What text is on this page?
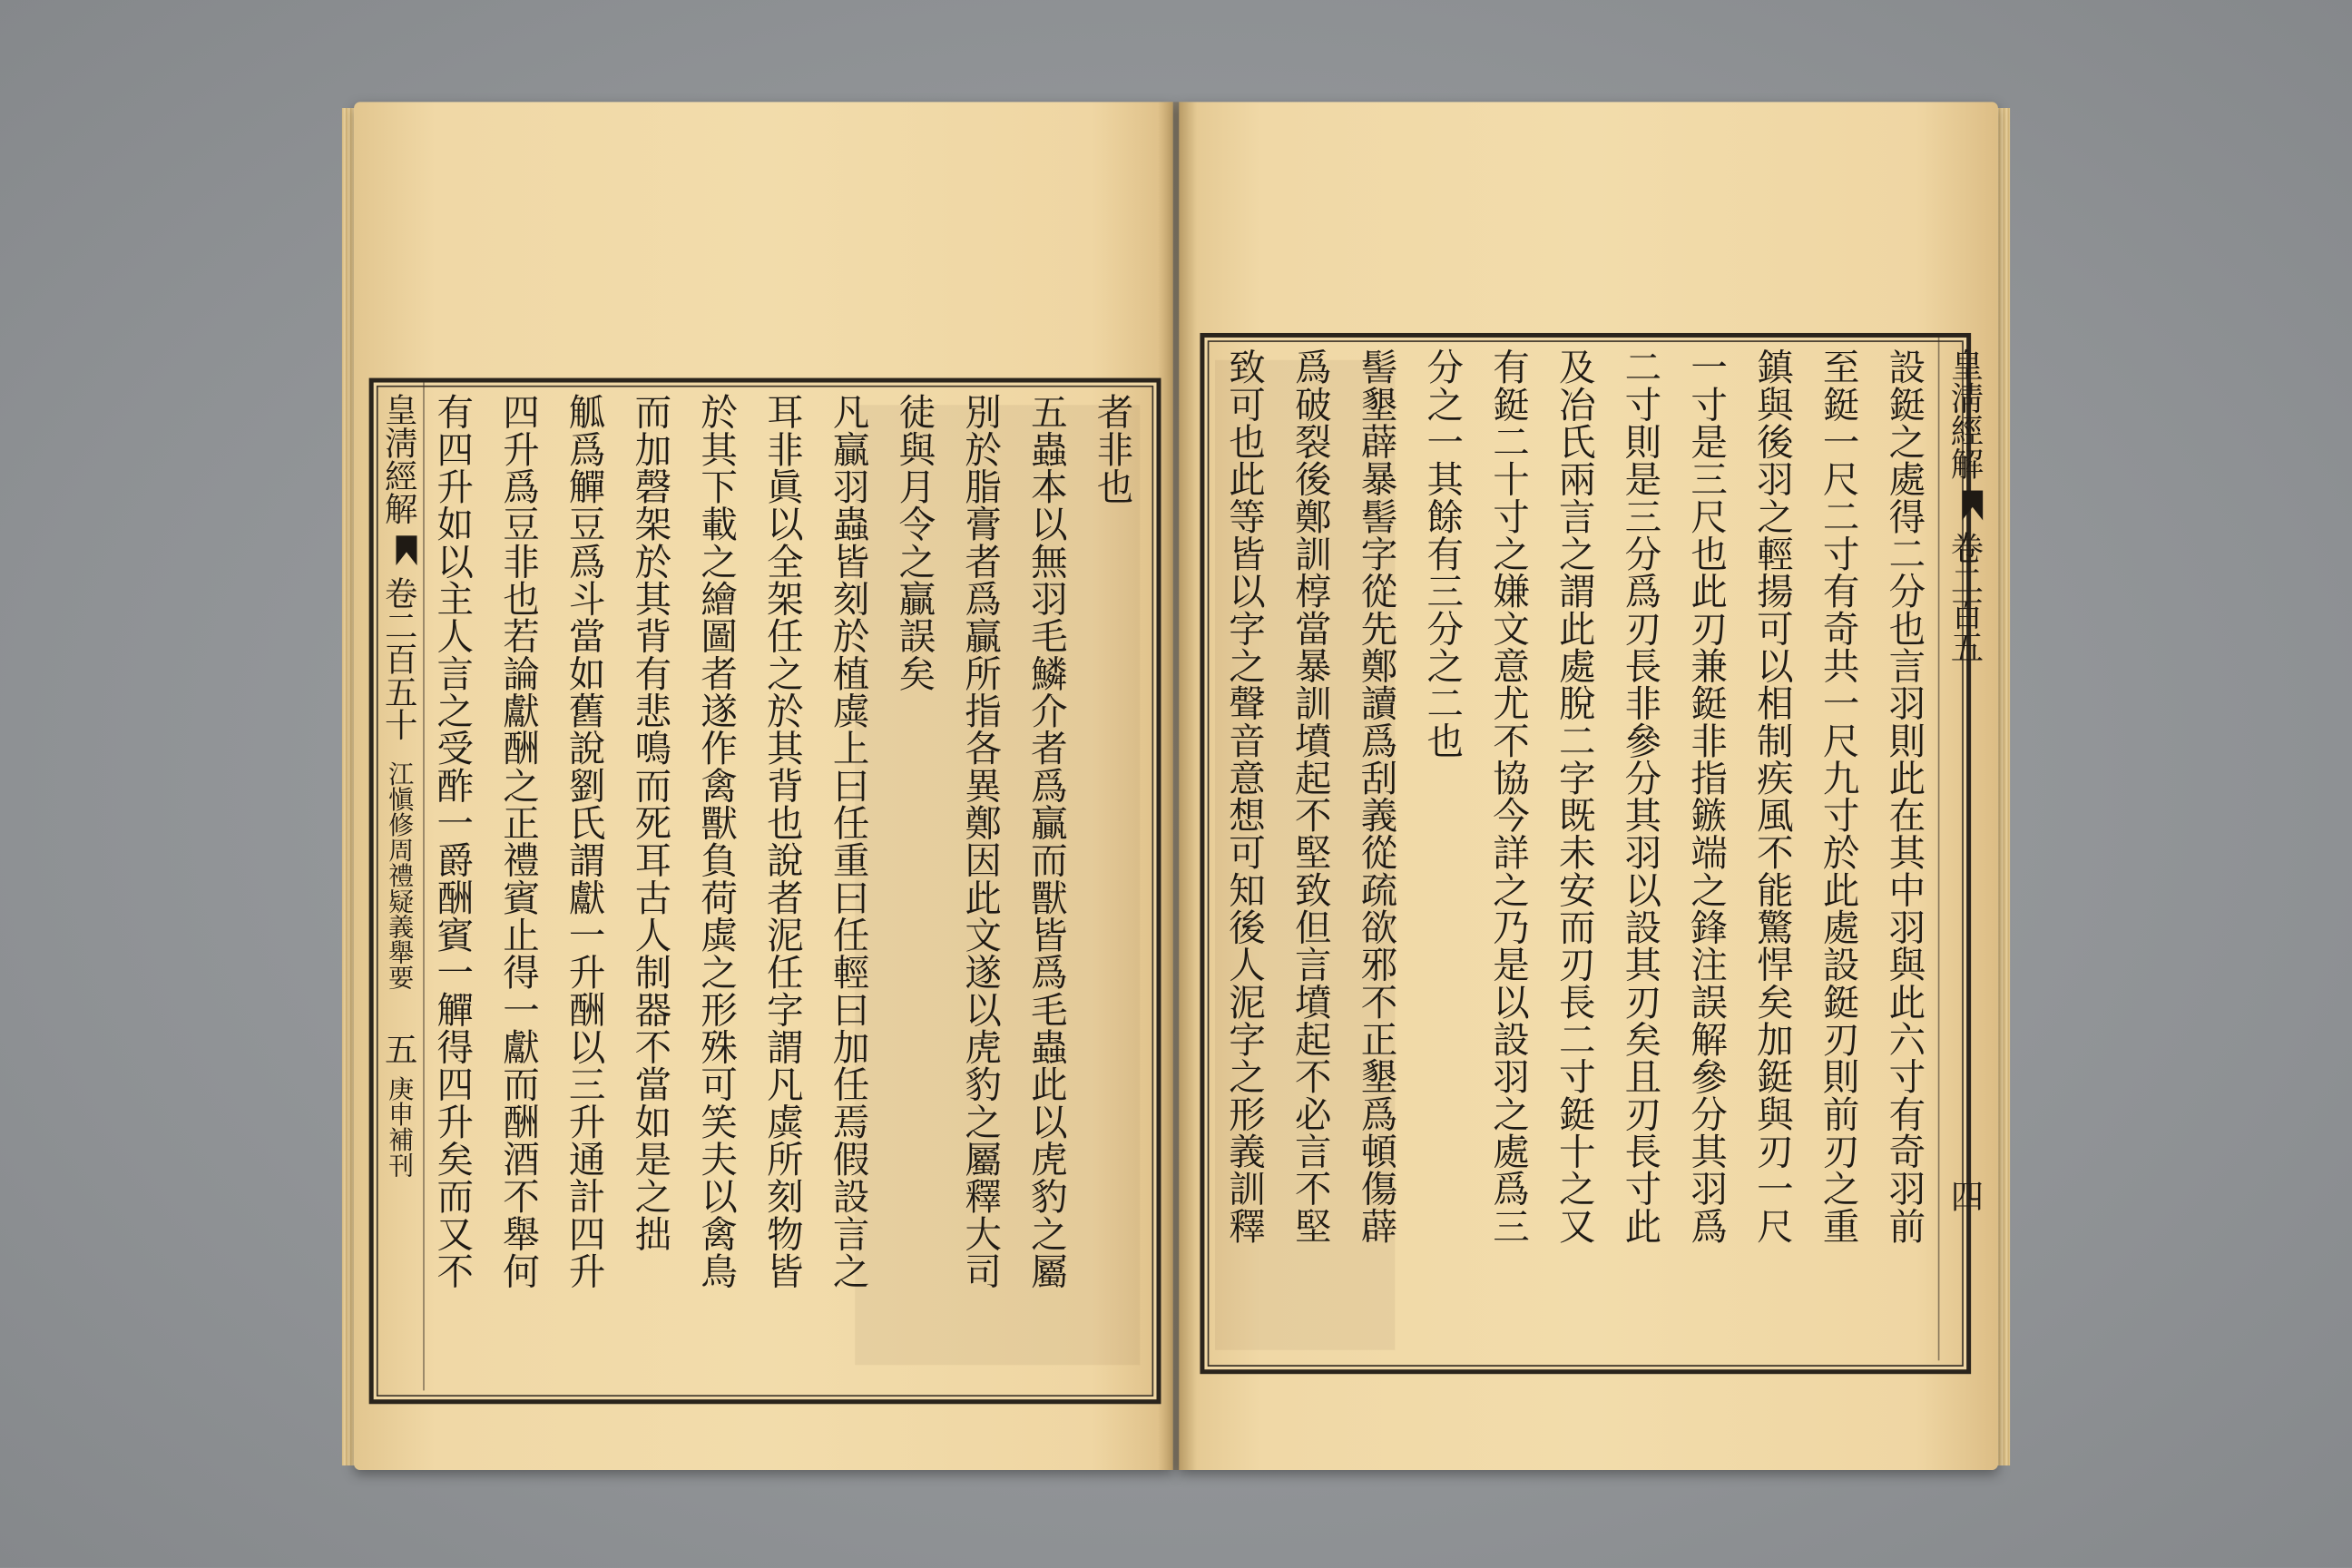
皇淸經解  卷二百五十 江愼修周禮疑義舉要  五 庚申補刊 有四升如以主人言之受酢一爵酬賓一觶得四升矣而又不 四升爲豆非也若論獻酬之正禮賓止得一獻而酬酒不舉何 觚爲觶豆爲斗當如舊說劉氏謂獻一升酬以三升通計四升 而加磬架於其背有悲鳴而死耳古人制器不當如是之拙 於其下載之繪圖者遂作禽獸負荷虡之形殊可笑夫以禽鳥 耳非眞以全架任之於其背也說者泥任字謂凡虡所刻物皆 凡贏羽蟲皆刻於植虡上曰任重曰任輕曰加任焉假設言之 徒與月令之贏誤矣 別於脂膏者爲贏所指各異鄭因此文遂以虎豹之屬釋大司 五蟲本以無羽毛鱗介者爲贏而獸皆爲毛蟲此以虎豹之屬 者非也	致可也此等皆以字之聲音意想可知後人泥字之形義訓釋 爲破裂後鄭訓椁當暴訓墳起不堅致但言墳起不必言不堅 髻墾薜暴髻字從先鄭讀爲刮義從疏欲邪不正墾爲頓傷薜 分之一其餘有三分之二也 有鋌二十寸之嫌文意尤不協今詳之乃是以設羽之處爲三 及冶氏兩言之謂此處脫二字既未安而刃長二寸鋌十之又 二寸則是三分爲刃長非參分其羽以設其刃矣且刃長寸此 一寸是三尺也此刃兼鋌非指鏃端之鋒注誤解參分其羽爲 鎮與後羽之輕揚可以相制疾風不能驚悍矣加鋌與刃一尺 至鋌一尺二寸有奇共一尺九寸於此處設鋌刃則前刃之重 設鋌之處得二分也言羽則此在其中羽與此六寸有奇羽前 皇淸經解  卷二百五  四
